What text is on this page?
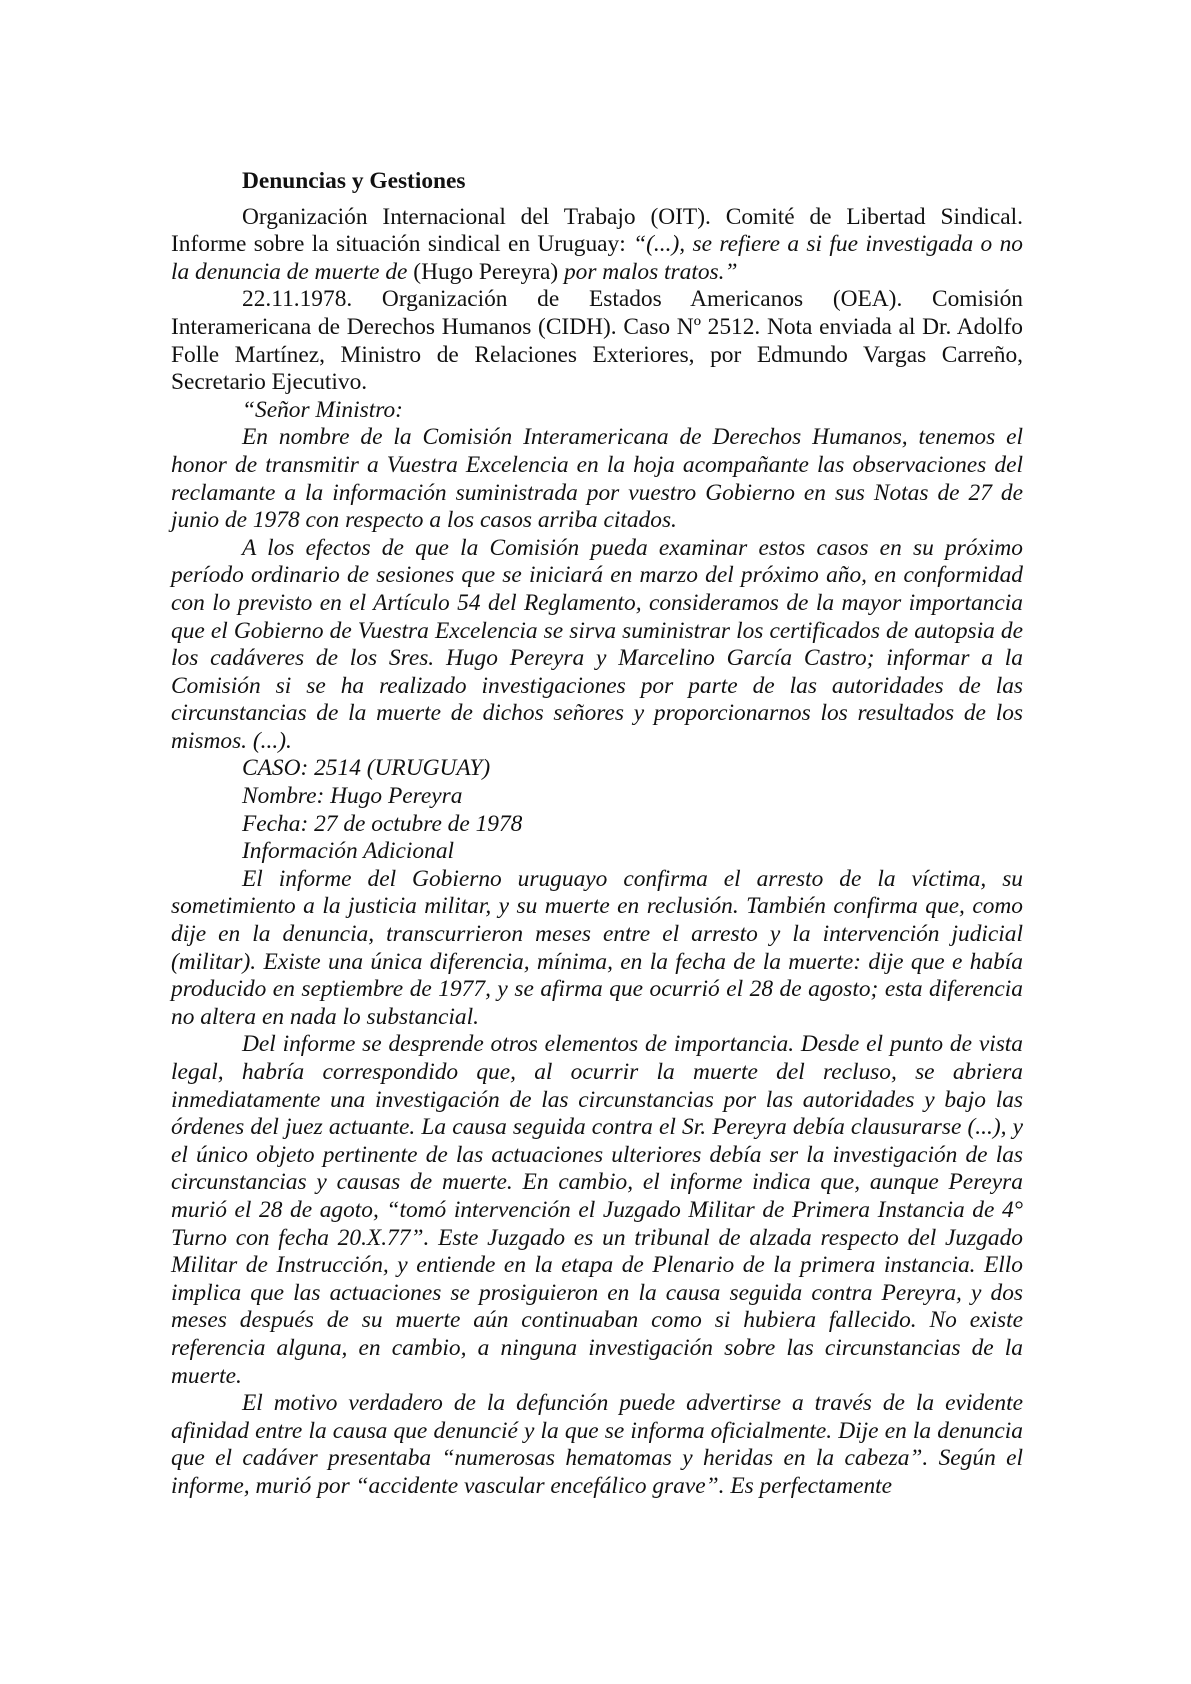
Denuncias y Gestiones

Organización Internacional del Trabajo (OIT). Comité de Libertad Sindical. Informe sobre la situación sindical en Uruguay: “(...), se refiere a si fue investigada o no la denuncia de muerte de (Hugo Pereyra) por malos tratos.”

22.11.1978. Organización de Estados Americanos (OEA). Comisión Interamericana de Derechos Humanos (CIDH). Caso Nº 2512. Nota enviada al Dr. Adolfo Folle Martínez, Ministro de Relaciones Exteriores, por Edmundo Vargas Carreño, Secretario Ejecutivo.

“Señor Ministro:

En nombre de la Comisión Interamericana de Derechos Humanos, tenemos el honor de transmitir a Vuestra Excelencia en la hoja acompañante las observaciones del reclamante a la información suministrada por vuestro Gobierno en sus Notas de 27 de junio de 1978 con respecto a los casos arriba citados.

A los efectos de que la Comisión pueda examinar estos casos en su próximo período ordinario de sesiones que se iniciará en marzo del próximo año, en conformidad con lo previsto en el Artículo 54 del Reglamento, consideramos de la mayor importancia que el Gobierno de Vuestra Excelencia se sirva suministrar los certificados de autopsia de los cadáveres de los Sres. Hugo Pereyra y Marcelino García Castro; informar a la Comisión si se ha realizado investigaciones por parte de las autoridades de las circunstancias de la muerte de dichos señores y proporcionarnos los resultados de los mismos. (...).

CASO: 2514 (URUGUAY)

Nombre: Hugo Pereyra

Fecha: 27 de octubre de 1978

Información Adicional

El informe del Gobierno uruguayo confirma el arresto de la víctima, su sometimiento a la justicia militar, y su muerte en reclusión. También confirma que, como dije en la denuncia, transcurrieron meses entre el arresto y la intervención judicial (militar). Existe una única diferencia, mínima, en la fecha de la muerte: dije que e había producido en septiembre de 1977, y se afirma que ocurrió el 28 de agosto; esta diferencia no altera en nada lo substancial.

Del informe se desprende otros elementos de importancia. Desde el punto de vista legal, habría correspondido que, al ocurrir la muerte del recluso, se abriera inmediatamente una investigación de las circunstancias por las autoridades y bajo las órdenes del juez actuante. La causa seguida contra el Sr. Pereyra debía clausurarse (...), y el único objeto pertinente de las actuaciones ulteriores debía ser la investigación de las circunstancias y causas de muerte. En cambio, el informe indica que, aunque Pereyra murió el 28 de agoto, “tomó intervención el Juzgado Militar de Primera Instancia de 4° Turno con fecha 20.X.77”. Este Juzgado es un tribunal de alzada respecto del Juzgado Militar de Instrucción, y entiende en la etapa de Plenario de la primera instancia. Ello implica que las actuaciones se prosiguieron en la causa seguida contra Pereyra, y dos meses después de su muerte aún continuaban como si hubiera fallecido. No existe referencia alguna, en cambio, a ninguna investigación sobre las circunstancias de la muerte.

El motivo verdadero de la defunción puede advertirse a través de la evidente afinidad entre la causa que denuncié y la que se informa oficialmente. Dije en la denuncia que el cadáver presentaba “numerosas hematomas y heridas en la cabeza”. Según el informe, murió por “accidente vascular encefálico grave”. Es perfectamente
